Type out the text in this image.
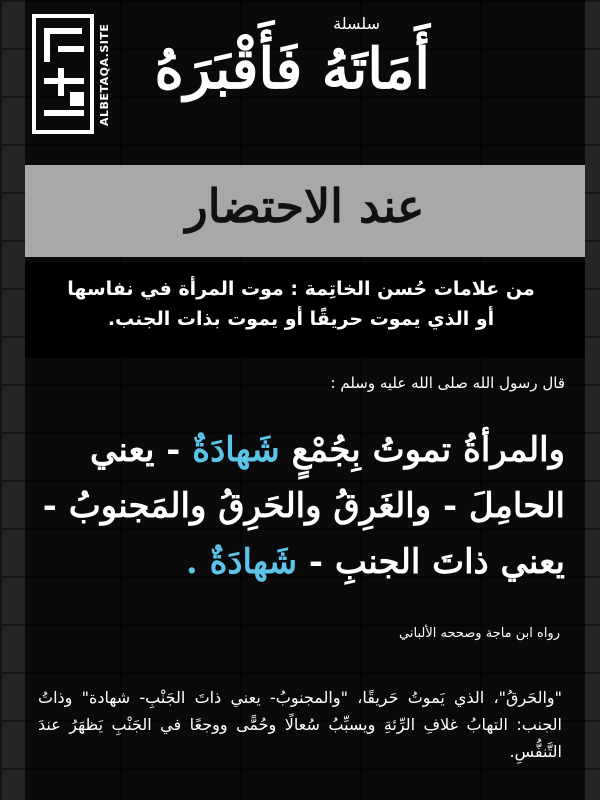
ALBETAQA.SITE
سلسلة
أَمَاتَهُ فَأَقْبَرَهُ
عند الاحتضار
من علامات حُسن الخاتِمة : موت المرأة في نفاسها
أو الذي يموت حريقًا أو يموت بذات الجنب.
قال رسول الله صلى الله عليه وسلم :
والمرأةُ تموتُ بِجُمْعٍ شَهادَةٌ - يعني الحامِلَ - والغَرِقُ والحَرِقُ والمَجنوبُ - يعني ذاتَ الجنبِ - شَهادَةٌ .
رواه ابن ماجة وصححه الألباني
"والحَرقُ"، الذي يَموتُ حَريقًا، "والمجنوبُ- يعني ذاتَ الجَنْبِ- شهادة" وذاتُ الجنب: التهابُ غلافِ الرِّئةِ ويسبِّبُ سُعالًا وحُمًّى ووجعًا في الجَنْبِ يَظهَرُ عندَ التَّنفُّسِ.
